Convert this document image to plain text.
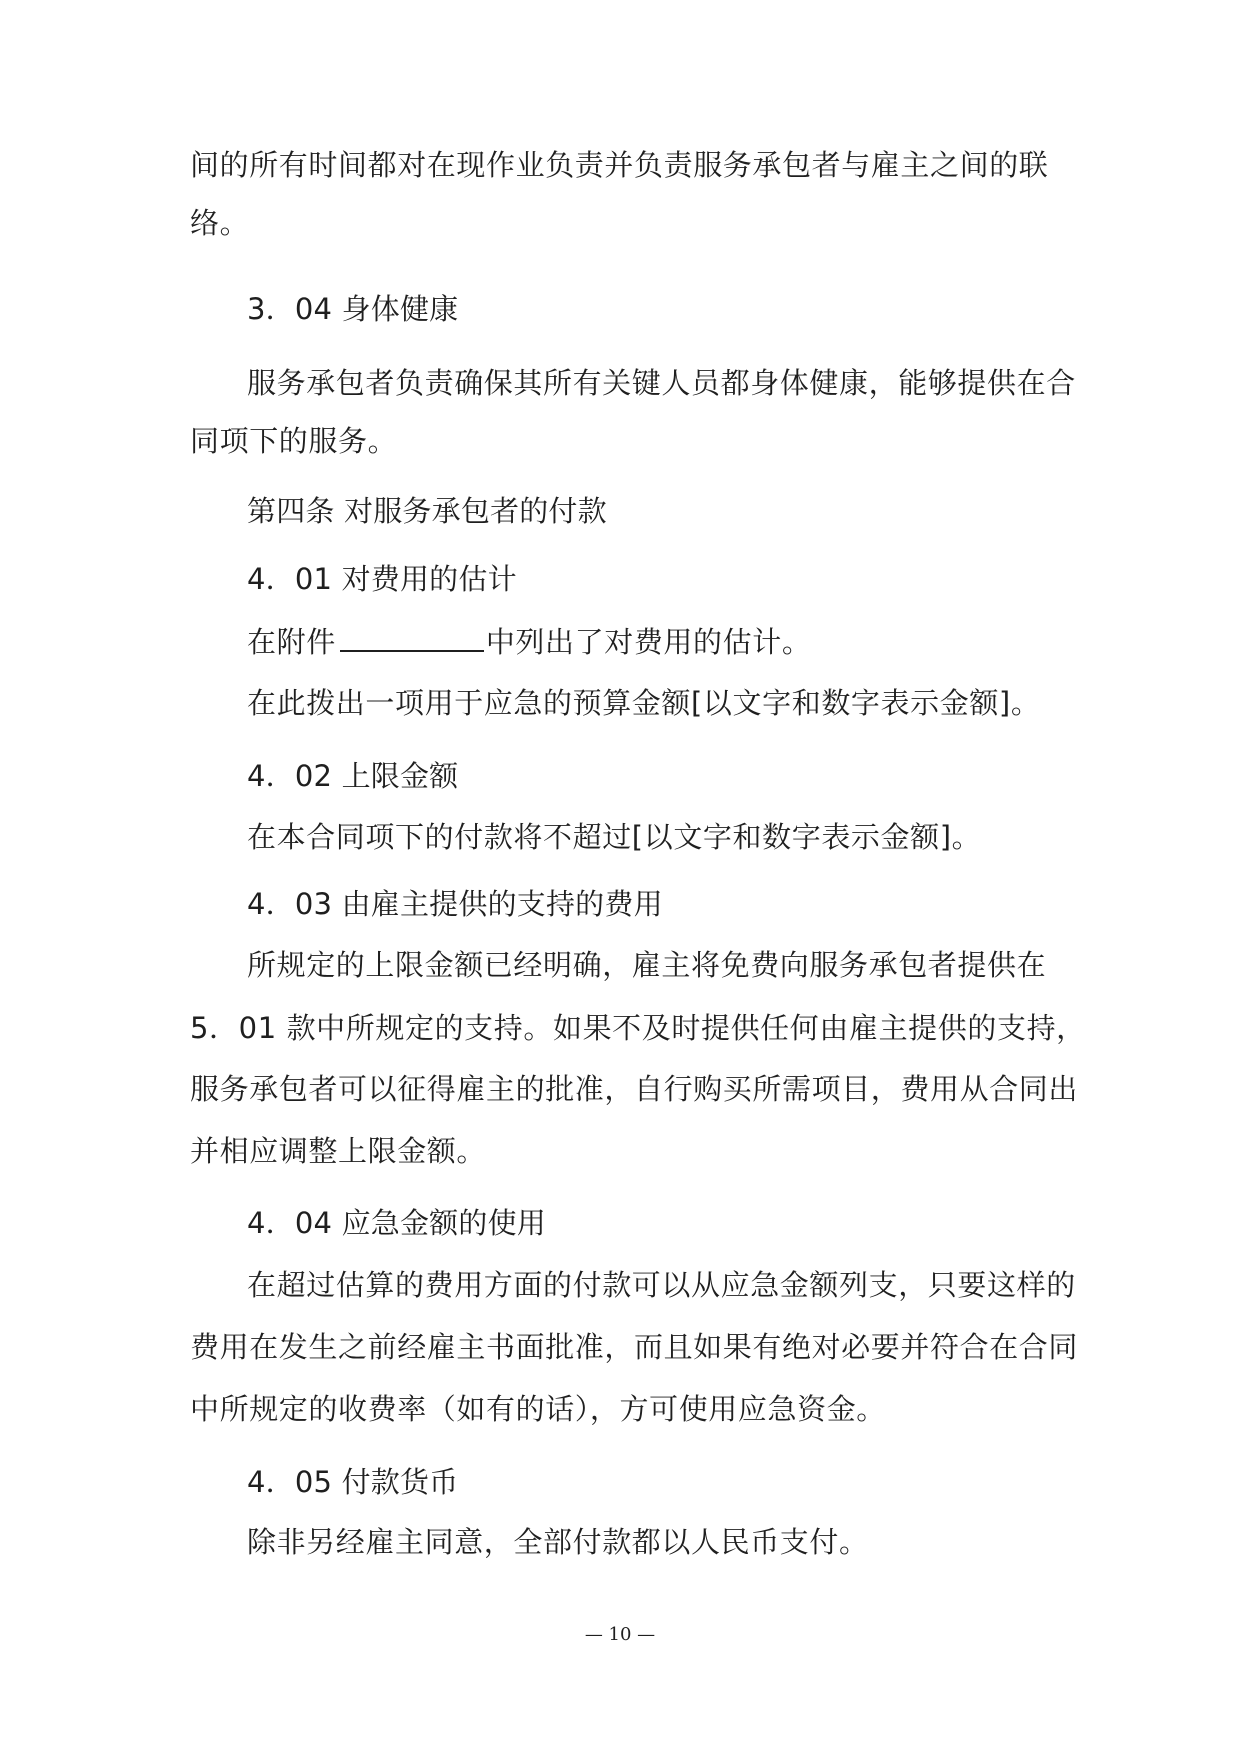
间的所有时间都对在现作业负责并负责服务承包者与雇主之间的联
络。
3．04 身体健康
服务承包者负责确保其所有关键人员都身体健康，能够提供在合
同项下的服务。
第四条 对服务承包者的付款
4．01 对费用的估计
在附件	中列出了对费用的估计。
在此拨出一项用于应急的预算金额[以文字和数字表示金额]。
4．02 上限金额
在本合同项下的付款将不超过[以文字和数字表示金额]。
4．03 由雇主提供的支持的费用
所规定的上限金额已经明确，雇主将免费向服务承包者提供在
5．01 款中所规定的支持。如果不及时提供任何由雇主提供的支持，
服务承包者可以征得雇主的批准，自行购买所需项目，费用从合同出
并相应调整上限金额。
4．04 应急金额的使用
在超过估算的费用方面的付款可以从应急金额列支，只要这样的
费用在发生之前经雇主书面批准，而且如果有绝对必要并符合在合同
中所规定的收费率（如有的话），方可使用应急资金。
4．05 付款货币
除非另经雇主同意，全部付款都以人民币支付。
— 10 —
